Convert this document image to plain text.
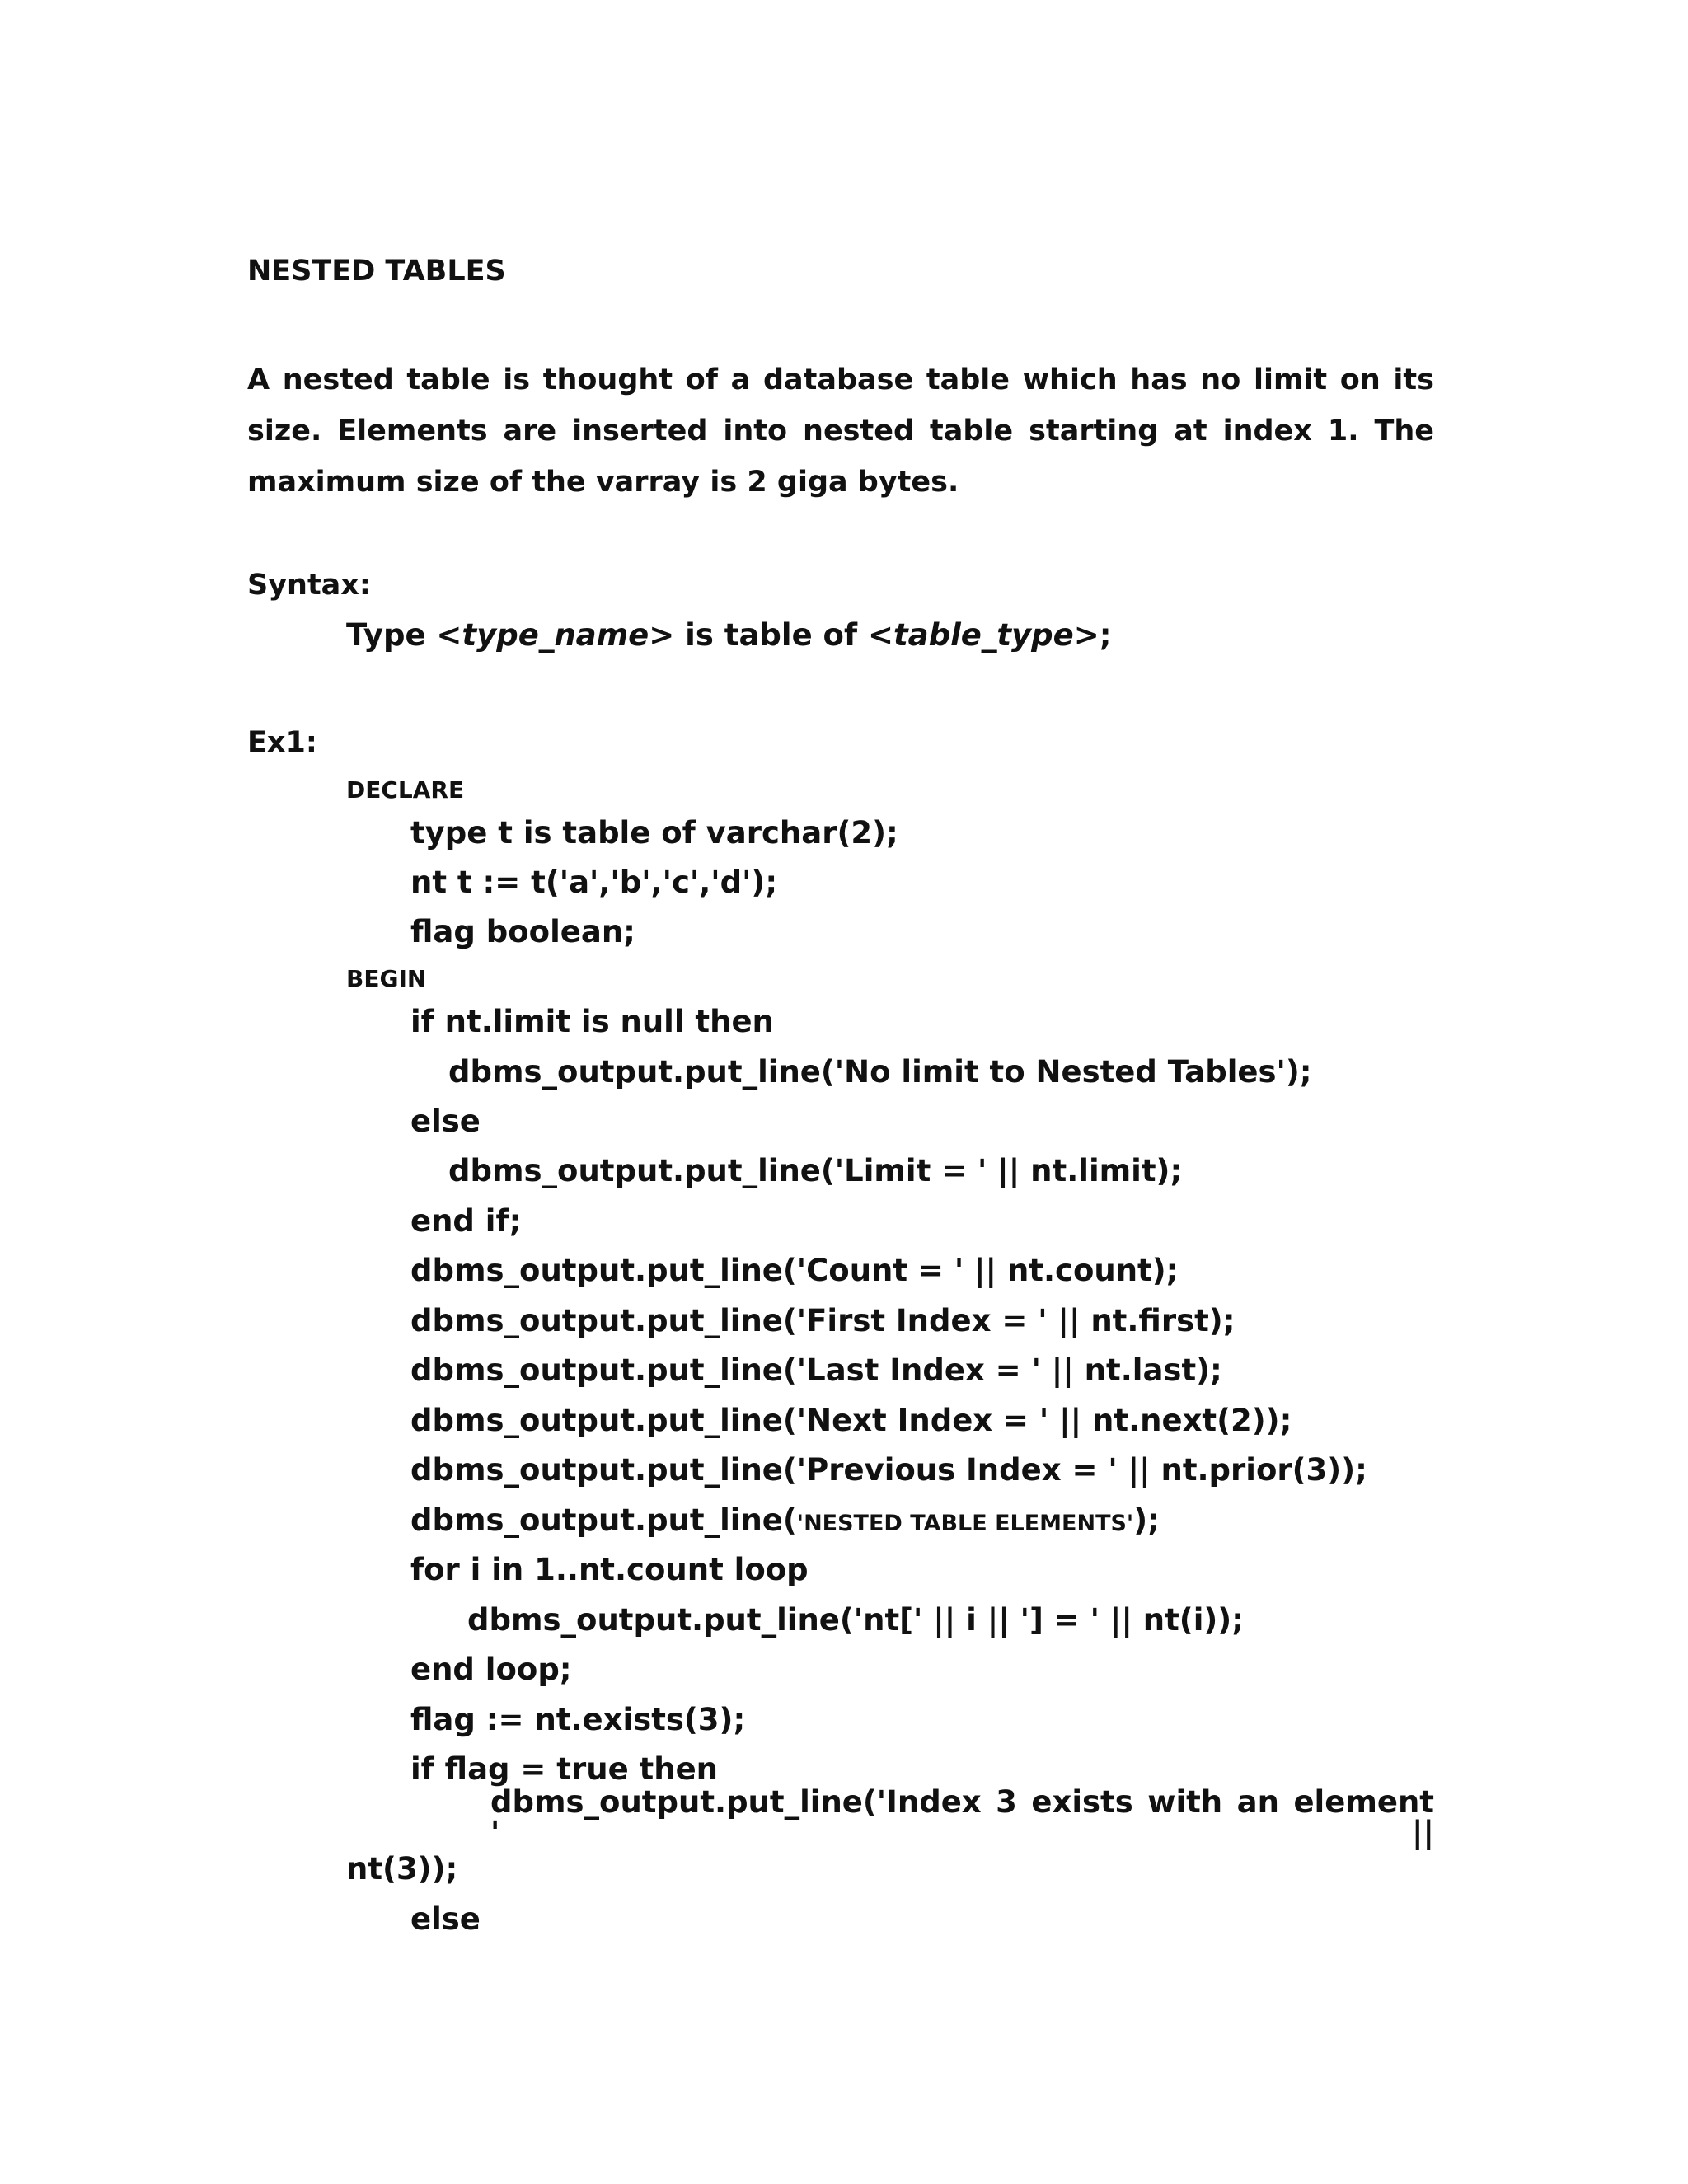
NESTED TABLES
A nested table is thought of a database table which has no limit on its size. Elements are inserted into nested table starting at index 1. The maximum size of the varray is 2 giga bytes.
Syntax:
Type <type_name> is table of <table_type>;
Ex1:
DECLARE
type t is table of varchar(2);
nt t := t('a','b','c','d');
flag boolean;
BEGIN
if nt.limit is null then
dbms_output.put_line('No limit to Nested Tables');
else
dbms_output.put_line('Limit = ' || nt.limit);
end if;
dbms_output.put_line('Count = ' || nt.count);
dbms_output.put_line('First Index = ' || nt.first);
dbms_output.put_line('Last Index = ' || nt.last);
dbms_output.put_line('Next Index = ' || nt.next(2));
dbms_output.put_line('Previous Index = ' || nt.prior(3));
dbms_output.put_line('NESTED TABLE ELEMENTS');
for i in 1..nt.count loop
dbms_output.put_line('nt[' || i || '] = ' || nt(i));
end loop;
flag := nt.exists(3);
if flag = true then
dbms_output.put_line('Index 3 exists with an element ' ||
nt(3));
else
